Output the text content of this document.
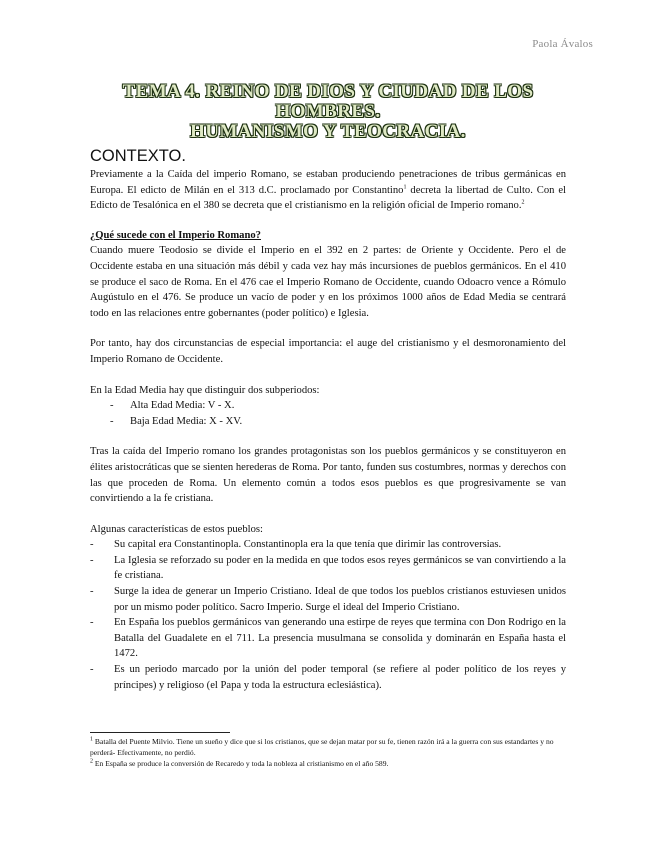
Paola Ávalos
TEMA 4. REINO DE DIOS Y CIUDAD DE LOS HOMBRES.
HUMANISMO Y TEOCRACIA.
CONTEXTO.

Previamente a la Caída del imperio Romano, se estaban produciendo penetraciones de tribus germánicas en Europa. El edicto de Milán en el 313 d.C. proclamado por Constantino$^1$ decreta la libertad de Culto. Con el Edicto de Tesalónica en el 380 se decreta que el cristianismo en la religión oficial de Imperio romano.$^2$

¿Qué sucede con el Imperio Romano?

Cuando muere Teodosio se divide el Imperio en el 392 en 2 partes: de Oriente y Occidente. Pero el de Occidente estaba en una situación más débil y cada vez hay más incursiones de pueblos germánicos. En el 410 se produce el saco de Roma. En el 476 cae el Imperio Romano de Occidente, cuando Odoacro vence a Rómulo Augústulo en el 476. Se produce un vacío de poder y en los próximos 1000 años de Edad Media se centrará todo en las relaciones entre gobernantes (poder político) e Iglesia.

Por tanto, hay dos circunstancias de especial importancia: el auge del cristianismo y el desmoronamiento del Imperio Romano de Occidente.

En la Edad Media hay que distinguir dos subperiodos:

- Alta Edad Media: V - X.
- Baja Edad Media: X - XV.

Tras la caída del Imperio romano los grandes protagonistas son los pueblos germánicos y se constituyeron en élites aristocráticas que se sienten herederas de Roma. Por tanto, funden sus costumbres, normas y derechos con las que proceden de Roma. Un elemento común a todos esos pueblos es que progresivamente se van convirtiendo a la fe cristiana.

Algunas características de estos pueblos:

- Su capital era Constantinopla. Constantinopla era la que tenía que dirimir las controversias.
- La Iglesia se reforzado su poder en la medida en que todos esos reyes germánicos se van convirtiendo a la fe cristiana.
- Surge la idea de generar un Imperio Cristiano. Ideal de que todos los pueblos cristianos estuviesen unidos por un mismo poder político. Sacro Imperio. Surge el ideal del Imperio Cristiano.
- En España los pueblos germánicos van generando una estirpe de reyes que termina con Don Rodrigo en la Batalla del Guadalete en el 711. La presencia musulmana se consolida y dominarán en España hasta el 1472.
- Es un periodo marcado por la unión del poder temporal (se refiere al poder político de los reyes y príncipes) y religioso (el Papa y toda la estructura eclesiástica).
$^1$ Batalla del Puente Milvio. Tiene un sueño y dice que si los cristianos, que se dejan matar por su fe, tienen razón irá a la guerra con sus estandartes y no perderá- Efectivamente, no perdió.
$^2$ En España se produce la conversión de Recaredo y toda la nobleza al cristianismo en el año 589.
